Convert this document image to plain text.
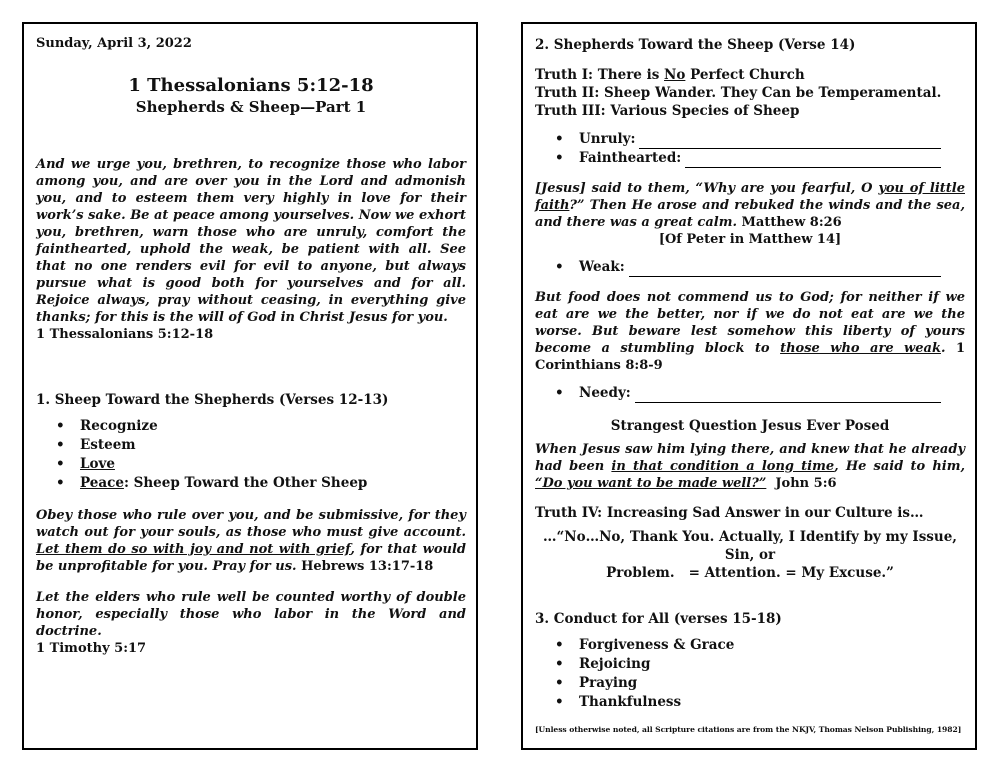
Sunday, April 3, 2022
1 Thessalonians 5:12-18
Shepherds & Sheep—Part 1

And we urge you, brethren, to recognize those who labor among you, and are over you in the Lord and admonish you, and to esteem them very highly in love for their work’s sake. Be at peace among yourselves. Now we exhort you, brethren, warn those who are unruly, comfort the fainthearted, uphold the weak, be patient with all. See that no one renders evil for evil to anyone, but always pursue what is good both for yourselves and for all. Rejoice always, pray without ceasing, in everything give thanks; for this is the will of God in Christ Jesus for you.

1 Thessalonians 5:12-18

1. Sheep Toward the Shepherds (Verses 12-13)

• Recognize
• Esteem
• Love
• Peace: Sheep Toward the Other Sheep

Obey those who rule over you, and be submissive, for they watch out for your souls, as those who must give account. Let them do so with joy and not with grief, for that would be unprofitable for you. Pray for us. Hebrews 13:17-18

Let the elders who rule well be counted worthy of double honor, especially those who labor in the Word and doctrine.

1 Timothy 5:17

2. Shepherds Toward the Sheep (Verse 14)

Truth I: There is No Perfect Church

Truth II: Sheep Wander. They Can be Temperamental.

Truth III: Various Species of Sheep

• Unruly:
• Fainthearted:

[Jesus] said to them, “Why are you fearful, O you of little faith?” Then He arose and rebuked the winds and the sea, and there was a great calm. Matthew 8:26

[Of Peter in Matthew 14]

• Weak:

But food does not commend us to God; for neither if we eat are we the better, nor if we do not eat are we the worse. But beware lest somehow this liberty of yours become a stumbling block to those who are weak. 1 Corinthians 8:8-9

• Needy:

Strangest Question Jesus Ever Posed

When Jesus saw him lying there, and knew that he already had been in that condition a long time, He said to him, “Do you want to be made well?” John 5:6

Truth IV: Increasing Sad Answer in our Culture is…

…“No…No, Thank You. Actually, I Identify by my Issue, Sin, or

Problem.   = Attention. = My Excuse.”

3. Conduct for All (verses 15-18)

• Forgiveness & Grace
• Rejoicing
• Praying
• Thankfulness
[Unless otherwise noted, all Scripture citations are from the NKJV, Thomas Nelson Publishing, 1982]
